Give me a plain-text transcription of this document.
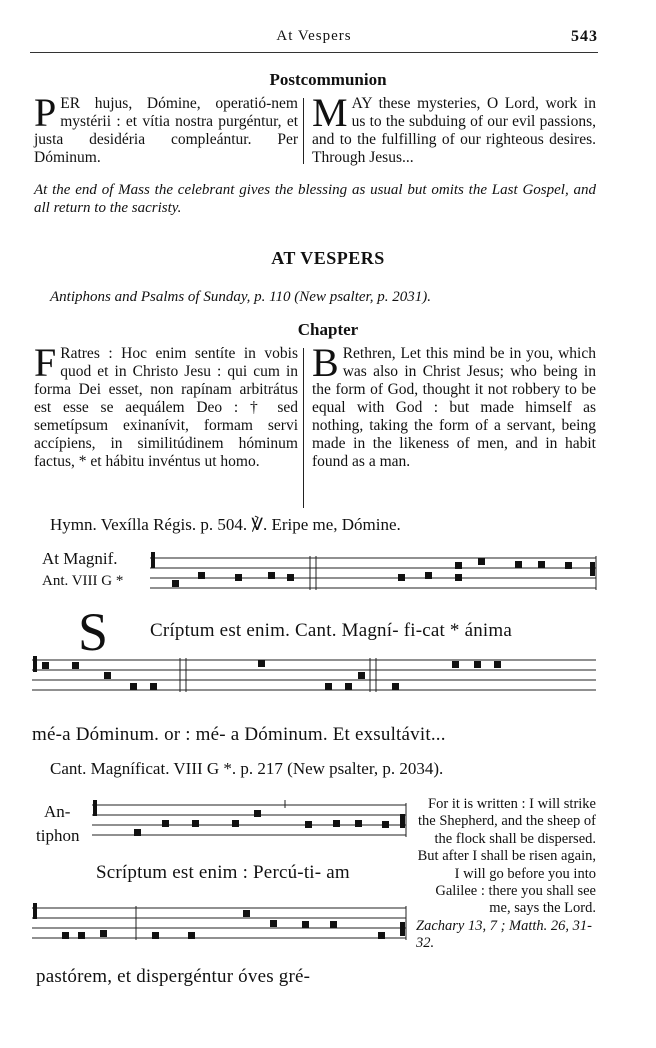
At Vespers	543
Postcommunion
PER hujus, Dómine, operatió-nem mystérii : et vítia nostra purgéntur, et justa desidéria compleántur. Per Dóminum.
MAY these mysteries, O Lord, work in us to the subduing of our evil passions, and to the fulfilling of our righteous desires. Through Jesus...
At the end of Mass the celebrant gives the blessing as usual but omits the Last Gospel, and all return to the sacristy.
AT VESPERS
Antiphons and Psalms of Sunday, p. 110 (New psalter, p. 2031).
Chapter
F Ratres : Hoc enim sentíte in vobis quod et in Christo Jesu : qui cum in forma Dei esset, non rapínam arbitrátus est esse se aequálem Deo : † sed semetípsum exinanívit, formam servi accípiens, in similitúdinem hóminum factus, * et hábitu invéntus ut homo.
B Rethren, Let this mind be in you, which was also in Christ Jesus; who being in the form of God, thought it not robbery to be equal with God : but made himself as nothing, taking the form of a servant, being made in the likeness of men, and in habit found as a man.
Hymn. Vexílla Régis. p. 504. ℣. Eripe me, Dómine.
At Magnif.
Ant. VIII G *
S Críptum est enim. Cant. Magní- fi-cat * ánima
mé-a Dóminum. or : mé- a Dóminum. Et exsultávit...
Cant. Magníficat. VIII G *. p. 217 (New psalter, p. 2034).
An-
tiphon
Scríptum est enim : Percú-ti- am
pastórem, et dispergéntur óves gré-
For it is written : I will strike the Shepherd, and the sheep of the flock shall be dispersed. But after I shall be risen again, I will go before you into Galilee : there you shall see me, says the Lord.
Zachary 13, 7 ; Matth. 26, 31-32.
